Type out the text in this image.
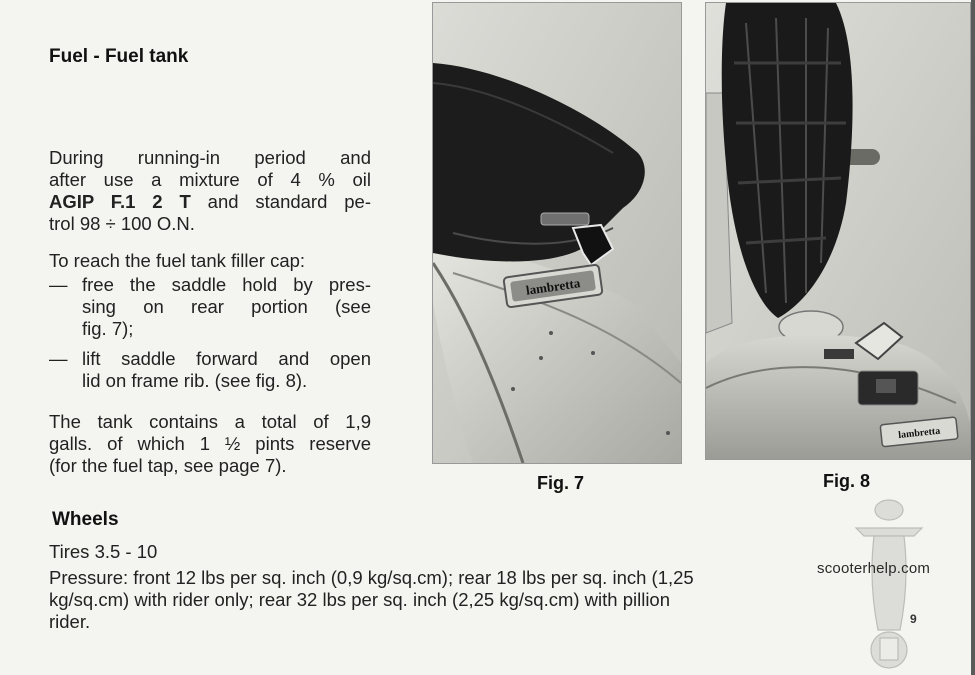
Fuel - Fuel tank
During running-in period and
after use a mixture of 4 % oil
AGIP F.1 2 T and standard pe-
trol 98 ÷ 100 O.N.
To reach the fuel tank filler cap:
— free the saddle hold by pres-
sing on rear portion (see
fig. 7);
— lift saddle forward and open
lid on frame rib. (see fig. 8).
The tank contains a total of 1,9
galls. of which 1 ½ pints reserve
(for the fuel tap, see page 7).
lambretta
Fig. 7
lambretta
Fig. 8
Wheels
Tires 3.5 - 10
Pressure: front 12 lbs per sq. inch (0,9 kg/sq.cm); rear 18 lbs per sq. inch (1,25
kg/sq.cm) with rider only; rear 32 lbs per sq. inch (2,25 kg/sq.cm) with pillion
rider.
scooterhelp.com
9
